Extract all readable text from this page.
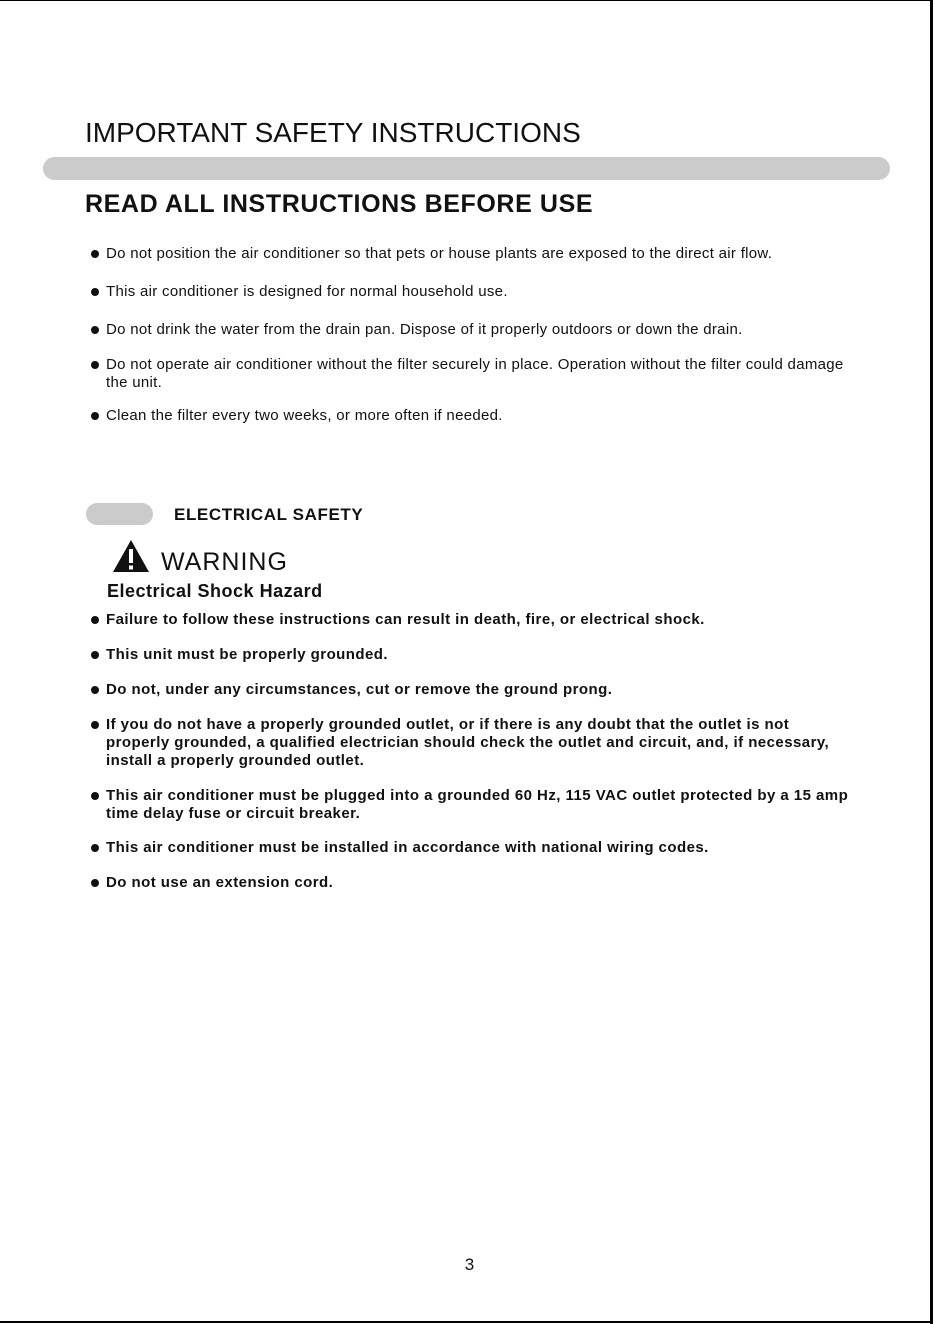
IMPORTANT SAFETY INSTRUCTIONS
READ ALL INSTRUCTIONS BEFORE USE
Do not position the air conditioner so that pets or house plants are exposed to the direct air flow.
This air conditioner is designed for normal household use.
Do not drink the water from the drain pan. Dispose of it properly outdoors or down the drain.
Do not operate air conditioner without the filter securely in place. Operation without the filter could damage the unit.
Clean the filter every two weeks, or more often if needed.
ELECTRICAL SAFETY
WARNING
Electrical Shock Hazard
Failure to follow these instructions can result in death, fire, or electrical shock.
This unit must be properly grounded.
Do not, under any circumstances, cut or remove the ground prong.
If you do not have a properly grounded outlet, or if there is any doubt that the outlet is not properly grounded, a qualified electrician should check the outlet and circuit, and, if necessary, install a properly grounded outlet.
This air conditioner must be plugged into a grounded 60 Hz, 115 VAC outlet protected by a 15 amp time delay fuse or circuit breaker.
This air conditioner must be installed in accordance with national wiring codes.
Do not use an extension cord.
3
